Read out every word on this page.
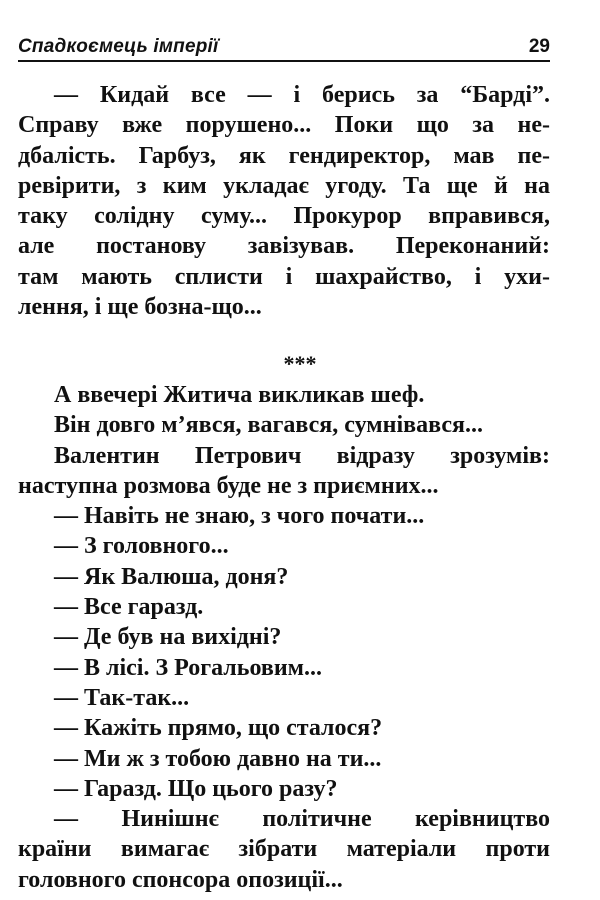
Спадкоємець імперії	29
— Кидай все — і берись за “Барді”.
Справу вже порушено... Поки що за не-
дбалість. Гарбуз, як гендиректор, мав пе-
ревірити, з ким укладає угоду. Та ще й на
таку солідну суму... Прокурор вправився,
але постанову завізував. Переконаний:
там мають сплисти і шахрайство, і ухи-
лення, і ще бозна-що...
***
А ввечері Житича викликав шеф.
Він довго м’явся, вагався, сумнівався...
Валентин Петрович відразу зрозумів:
наступна розмова буде не з приємних...
— Навіть не знаю, з чого почати...
— З головного...
— Як Валюша, доня?
— Все гаразд.
— Де був на вихідні?
— В лісі. З Рогальовим...
— Так-так...
— Кажіть прямо, що сталося?
— Ми ж з тобою давно на ти...
— Гаразд. Що цього разу?
— Нинішнє політичне керівництво
країни вимагає зібрати матеріали проти
головного спонсора опозиції...
